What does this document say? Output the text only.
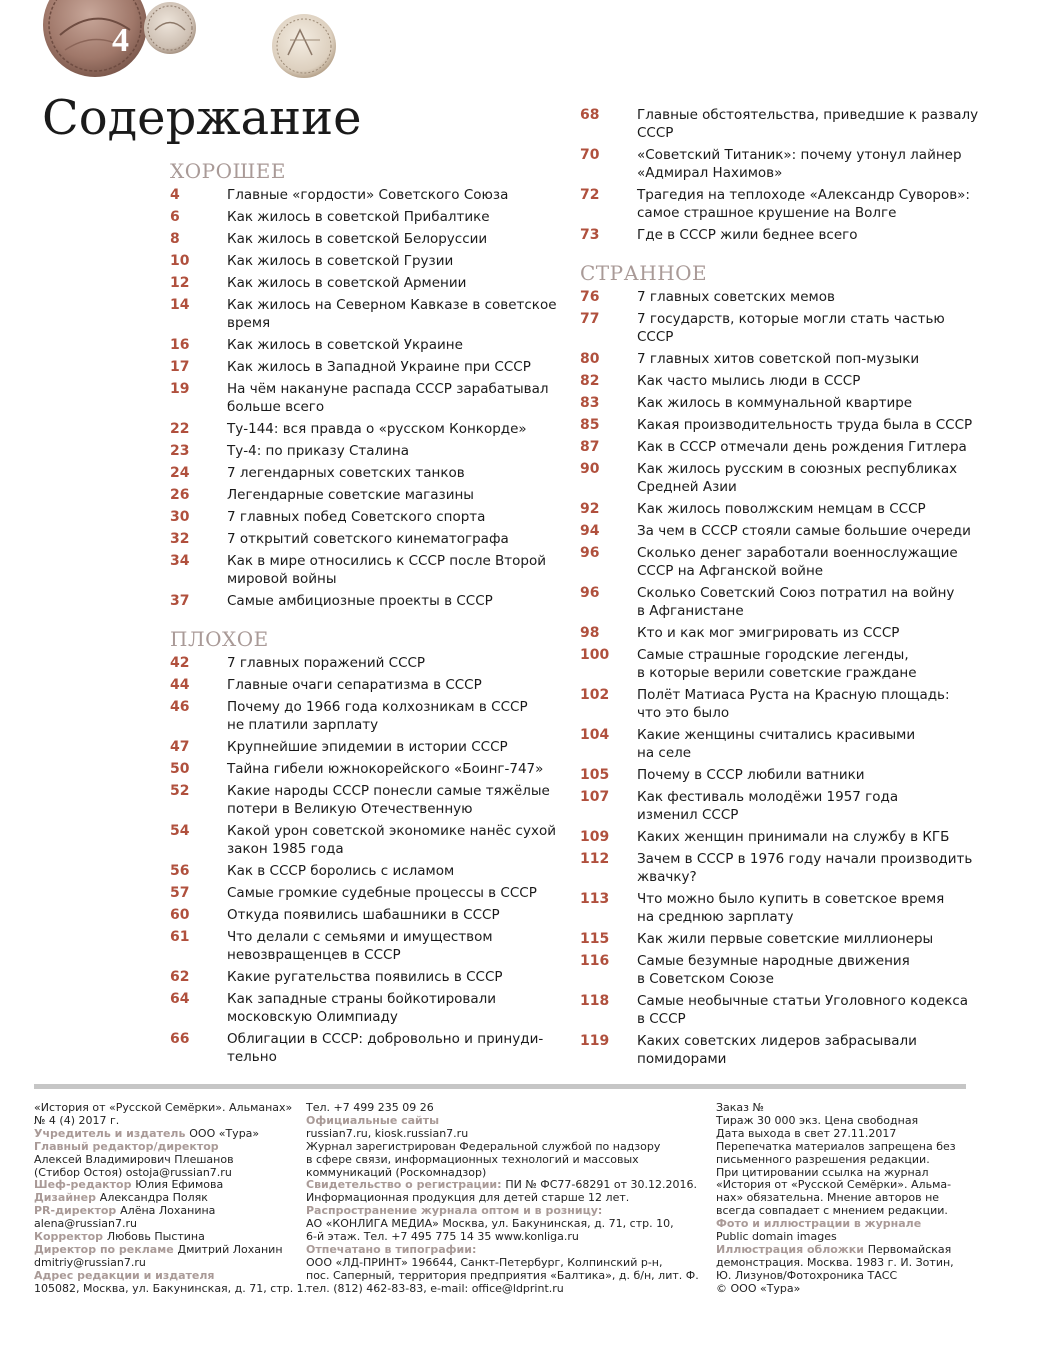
4
Содержание
ХОРОШЕЕ
4	Главные «гордости» Советского Союза
6	Как жилось в советской Прибалтике
8	Как жилось в советской Белоруссии
10	Как жилось в советской Грузии
12	Как жилось в советской Армении
14	Как жилось на Северном Кавказе в советское
время
16	Как жилось в советской Украине
17	Как жилось в Западной Украине при СССР
19	На чём накануне распада СССР зарабатывал
больше всего
22	Ту-144: вся правда о «русском Конкорде»
23	Ту-4: по приказу Сталина
24	7 легендарных советских танков
26	Легендарные советские магазины
30	7 главных побед Советского спорта
32	7 открытий советского кинематографа
34	Как в мире относились к СССР после Второй
мировой войны
37	Самые амбициозные проекты в СССР
ПЛОХОЕ
42	7 главных поражений СССР
44	Главные очаги сепаратизма в СССР
46	Почему до 1966 года колхозникам в СССР
не платили зарплату
47	Крупнейшие эпидемии в истории СССР
50	Тайна гибели южнокорейского «Боинг-747»
52	Какие народы СССР понесли самые тяжёлые
потери в Великую Отечественную
54	Какой урон советской экономике нанёс сухой
закон 1985 года
56	Как в СССР боролись с исламом
57	Самые громкие судебные процессы в СССР
60	Откуда появились шабашники в СССР
61	Что делали с семьями и имуществом
невозвращенцев в СССР
62	Какие ругательства появились в СССР
64	Как западные страны бойкотировали
московскую Олимпиаду
66	Облигации в СССР: добровольно и принуди-
тельно
68	Главные обстоятельства, приведшие к развалу
СССР
70	«Советский Титаник»: почему утонул лайнер
«Адмирал Нахимов»
72	Трагедия на теплоходе «Александр Суворов»:
самое страшное крушение на Волге
73	Где в СССР жили беднее всего
СТРАННОЕ
76	7 главных советских мемов
77	7 государств, которые могли стать частью
СССР
80	7 главных хитов советской поп-музыки
82	Как часто мылись люди в СССР
83	Как жилось в коммунальной квартире
85	Какая производительность труда была в СССР
87	Как в СССР отмечали день рождения Гитлера
90	Как жилось русским в союзных республиках
Средней Азии
92	Как жилось поволжским немцам в СССР
94	За чем в СССР стояли самые большие очереди
96	Сколько денег заработали военнослужащие
СССР на Афганской войне
96	Сколько Советский Союз потратил на войну
в Афганистане
98	Кто и как мог эмигрировать из СССР
100	Самые страшные городские легенды,
в которые верили советские граждане
102	Полёт Матиаса Руста на Красную площадь:
что это было
104	Какие женщины считались красивыми
на селе
105	Почему в СССР любили ватники
107	Как фестиваль молодёжи 1957 года
изменил СССР
109	Каких женщин принимали на службу в КГБ
112	Зачем в СССР в 1976 году начали производить
жвачку?
113	Что можно было купить в советское время
на среднюю зарплату
115	Как жили первые советские миллионеры
116	Самые безумные народные движения
в Советском Союзе
118	Самые необычные статьи Уголовного кодекса
в СССР
119	Каких советских лидеров забрасывали
помидорами
«История от «Русской Семёрки». Альманах»
№ 4 (4) 2017 г.
Учредитель и издатель ООО «Тура»
Главный редактор/директор
Алексей Владимирович Плешанов
(Стибор Остоя) ostoja@russian7.ru
Шеф-редактор Юлия Ефимова
Дизайнер Александра Поляк
PR-директор Алёна Лоханина
alena@russian7.ru
Корректор Любовь Пыстина
Директор по рекламе Дмитрий Лоханин
dmitriy@russian7.ru
Адрес редакции и издателя
105082, Москва, ул. Бакунинская, д. 71, стр. 1.
Тел. +7 499 235 09 26
Официальные сайты
russian7.ru, kiosk.russian7.ru
Журнал зарегистрирован Федеральной службой по надзору
в сфере связи, информационных технологий и массовых
коммуникаций (Роскомнадзор)
Свидетельство о регистрации: ПИ № ФС77-68291 от 30.12.2016.
Информационная продукция для детей старше 12 лет.
Распространение журнала оптом и в розницу:
АО «КОНЛИГА МЕДИА» Москва, ул. Бакунинская, д. 71, стр. 10,
6-й этаж. Тел. +7 495 775 14 35 www.konliga.ru
Отпечатано в типографии:
ООО «ЛД-ПРИНТ» 196644, Санкт-Петербург, Колпинский р-н,
пос. Саперный, территория предприятия «Балтика», д. б/н, лит. Ф.
тел. (812) 462-83-83, e-mail: office@ldprint.ru
Заказ №
Тираж 30 000 экз. Цена свободная
Дата выхода в свет 27.11.2017
Перепечатка материалов запрещена без
письменного разрешения редакции.
При цитировании ссылка на журнал
«История от «Русской Семёрки». Альма-
нах» обязательна. Мнение авторов не
всегда совпадает с мнением редакции.
Фото и иллюстрации в журнале
Public domain images
Иллюстрация обложки Первомайская
демонстрация. Москва. 1983 г. И. Зотин,
Ю. Лизунов/Фотохроника ТАСС
© ООО «Тура»
